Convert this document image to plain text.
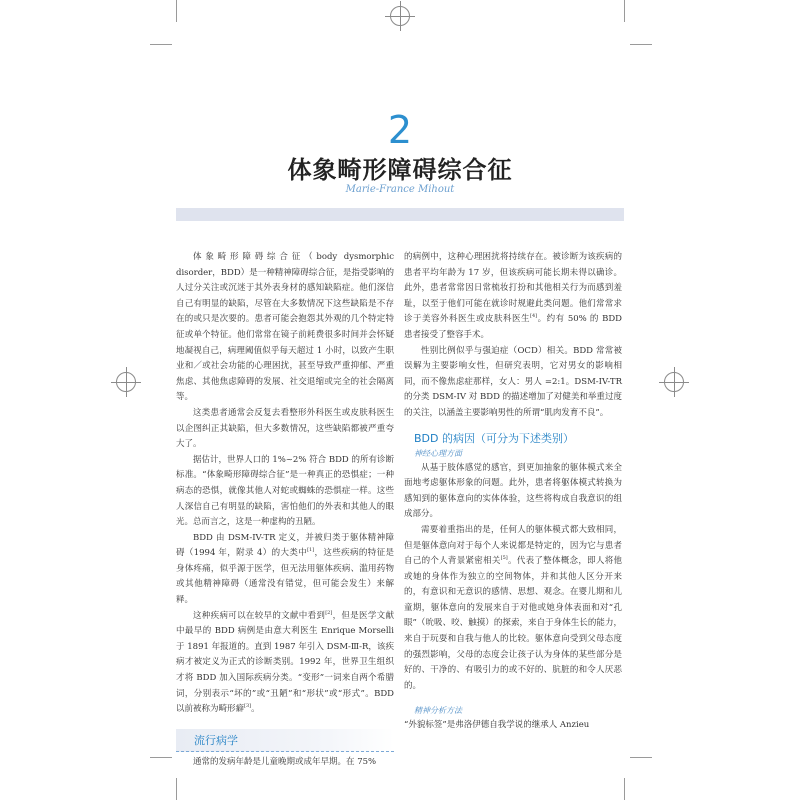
2
体象畸形障碍综合征
Marie-France Mihout

体象畸形障碍综合征（body dysmorphic disorder，BDD）是一种精神障碍综合征，是指受影响的人过分关注或沉迷于其外表身材的感知缺陷症。他们深信自己有明显的缺陷，尽管在大多数情况下这些缺陷是不存在的或只是次要的。患者可能会抱怨其外观的几个特定特征或单个特征。他们常常在镜子前耗费很多时间并会怀疑地凝视自己，病理阈值似乎每天超过 1 小时，以致产生职业和／或社会功能的心理困扰，甚至导致严重抑郁、严重焦虑、其他焦虑障碍的发展、社交退缩或完全的社会隔离等。

这类患者通常会反复去看整形外科医生或皮肤科医生以企图纠正其缺陷，但大多数情况，这些缺陷都被严重夸大了。

据估计，世界人口的 1%~2% 符合 BDD 的所有诊断标准。“体象畸形障碍综合征”是一种真正的恐惧症；一种病态的恐惧，就像其他人对蛇或蜘蛛的恐惧症一样。这些人深信自己有明显的缺陷，害怕他们的外表和其他人的眼光。总而言之，这是一种虚构的丑陋。

BDD 由 DSM-IV-TR 定义，并被归类于躯体精神障碍（1994 年，附录 4）的大类中[1]，这些疾病的特征是身体疼痛，似乎源于医学，但无法用躯体疾病、滥用药物或其他精神障碍（通常没有错觉，但可能会发生）来解释。

这种疾病可以在较早的文献中看到[2]，但是医学文献中最早的 BDD 病例是由意大利医生 Enrique Morselli 于 1891 年报道的。直到 1987 年引入 DSM-Ⅲ-R，该疾病才被定义为正式的诊断类别。1992 年，世界卫生组织才将 BDD 加入国际疾病分类。“变形”一词来自两个希腊词，分别表示“坏的”或“丑陋”和“形状”或“形式”。BDD 以前被称为畸形癖[3]。

流行病学

通常的发病年龄是儿童晚期或成年早期。在 75%

的病例中，这种心理困扰将持续存在。被诊断为该疾病的患者平均年龄为 17 岁，但该疾病可能长期未得以确诊。此外，患者常常因日常梳妆打扮和其他相关行为而感到羞耻，以至于他们可能在就诊时规避此类问题。他们常常求诊于美容外科医生或皮肤科医生[4]。约有 50% 的 BDD 患者接受了整容手术。

性别比例似乎与强迫症（OCD）相关。BDD 常常被误解为主要影响女性，但研究表明，它对男女的影响相同，而不像焦虑症那样，女人：男人 =2:1。DSM-IV-TR 的分类 DSM-IV 对 BDD 的描述增加了对健美和举重过度的关注，以涵盖主要影响男性的所谓“肌肉发育不良”。

BDD 的病因（可分为下述类别）
神经心理方面

从基于肢体感觉的感官，到更加抽象的躯体模式来全面地考虑躯体形象的问题。此外，患者将躯体模式转换为感知到的躯体意向的实体体验，这些将构成自我意识的组成部分。

需要着重指出的是，任何人的躯体模式都大致相同，但是躯体意向对于每个人来说都是特定的，因为它与患者自己的个人背景紧密相关[5]。代表了整体概念，即人将他或她的身体作为独立的空间物体，并和其他人区分开来的，有意识和无意识的感情、思想、观念。在婴儿期和儿童期，躯体意向的发展来自于对他或她身体表面和对“孔眼”（吮吸、咬、触摸）的探索，来自于身体生长的能力，来自于玩耍和自我与他人的比较。躯体意向受到父母态度的强烈影响，父母的态度会让孩子认为身体的某些部分是好的、干净的、有吸引力的或不好的、肮脏的和令人厌恶的。

精神分析方法

“外貌标签”是弗洛伊德自我学说的继承人 Anzieu
